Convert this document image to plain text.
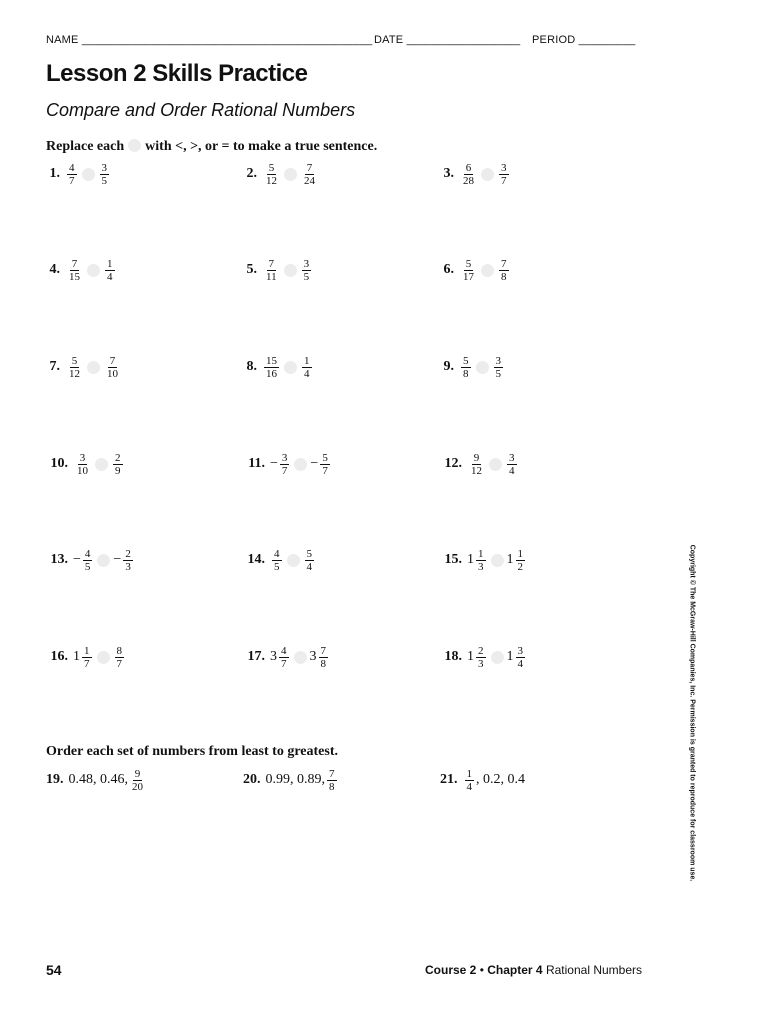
NAME ______________________________________________ DATE __________________ PERIOD _________
Lesson 2 Skills Practice
Compare and Order Rational Numbers
Replace each with <, >, or = to make a true sentence.
1. $\frac{4}{7} \frac{3}{5}$	2. $\frac{5}{12} \frac{7}{24}$	3. $\frac{6}{28} \frac{3}{7}$
4. $\frac{7}{15} \frac{1}{4}$	5. $\frac{7}{11} \frac{3}{5}$	6. $\frac{5}{17} \frac{7}{8}$
7. $\frac{5}{12} \frac{7}{10}$	8. $\frac{15}{16} \frac{1}{4}$	9. $\frac{5}{8} \frac{3}{5}$
10. $\frac{3}{10} \frac{2}{9}$	11. − $\frac{3}{7} - \frac{5}{7}$	12. $\frac{9}{12} \frac{3}{4}$
13. − $\frac{4}{5} - \frac{2}{3}$	14. $\frac{4}{5} \frac{5}{4}$	15. $1 \frac{1}{3} 1 \frac{1}{2}$
16. $1 \frac{1}{7} \frac{8}{7}$	17. $3 \frac{4}{7} 3 \frac{7}{8}$	18. $1 \frac{2}{3} 1 \frac{3}{4}$
Order each set of numbers from least to greatest.
19. 0.48, 0.46, $\frac{9}{20}$	20. 0.99, 0.89, $\frac{7}{8}$	21. $\frac{1}{4}$ , 0.2, 0.4	Copyright © The McGraw-Hill Companies, Inc. Permission is granted to reproduce for classroom use.
54	Course 2 • Chapter 4 Rational Numbers
